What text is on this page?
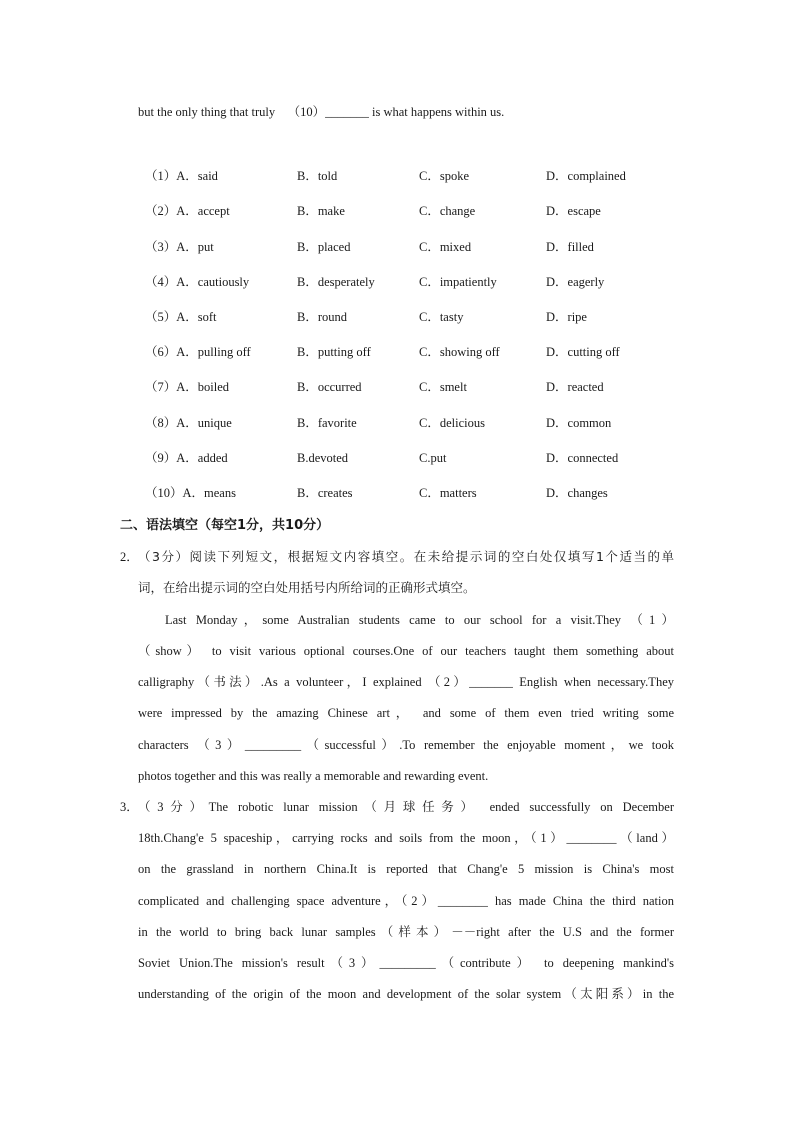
but the only thing that truly    （10）_______ is what happens within us.
（1）A．said	B．told	C．spoke	D．complained
（2）A．accept	B．make	C．change	D．escape
（3）A．put	B．placed	C．mixed	D．filled
（4）A．cautiously	B．desperately	C．impatiently	D．eagerly
（5）A．soft	B．round	C．tasty	D．ripe
（6）A．pulling off	B．putting off	C．showing off	D．cutting off
（7）A．boiled	B．occurred	C．smelt	D．reacted
（8）A．unique	B．favorite	C．delicious	D．common
（9）A．added	B.devoted	C.put	D．connected
（10）A．means	B．creates	C．matters	D．changes
二、语法填空（每空1分，共10分）
2． （3分）阅读下列短文，根据短文内容填空。在未给提示词的空白处仅填写1个适当的单
词，在给出提示词的空白处用括号内所给词的正确形式填空。
Last Monday，some Australian students came to our school for a visit.They （1）
（show） to visit various optional courses.One of our teachers taught them something about
calligraphy（书法）.As a volunteer，I explained （2）_______ English when necessary.They
were impressed by the amazing Chinese art， and some of them even tried writing some
characters （3）_________（successful）.To remember the enjoyable moment，we took
photos together and this was really a memorable and rewarding event.
3． （3分）The robotic lunar mission（月球任务） ended successfully on December
18th.Chang'e 5 spaceship，carrying rocks and soils from the moon，（1）________（land）
on the grassland in northern China.It is reported that Chang'e 5 mission is China's most
complicated and challenging space adventure，（2）________ has made China the third nation
in the world to bring back lunar samples（样本）－－right after the U.S and the former
Soviet Union.The mission's result（3）_________（contribute） to deepening mankind's
understanding of the origin of the moon and development of the solar system（太阳系）in the
